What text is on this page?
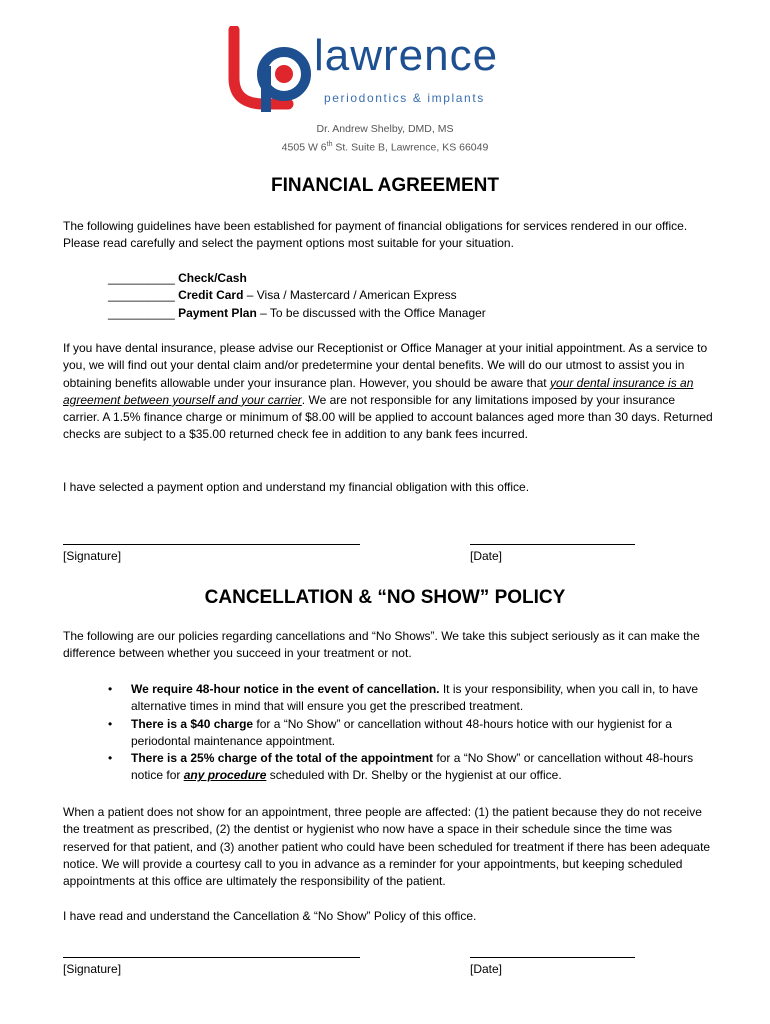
lawrence
periodontics & implants
Dr. Andrew Shelby, DMD, MS
4505 W 6th St. Suite B, Lawrence, KS 66049
FINANCIAL AGREEMENT
The following guidelines have been established for payment of financial obligations for services rendered in our office. Please read carefully and select the payment options most suitable for your situation.
__________ Check/Cash
__________ Credit Card – Visa / Mastercard / American Express
__________ Payment Plan – To be discussed with the Office Manager
If you have dental insurance, please advise our Receptionist or Office Manager at your initial appointment. As a service to you, we will find out your dental claim and/or predetermine your dental benefits. We will do our utmost to assist you in obtaining benefits allowable under your insurance plan. However, you should be aware that your dental insurance is an agreement between yourself and your carrier. We are not responsible for any limitations imposed by your insurance carrier. A 1.5% finance charge or minimum of $8.00 will be applied to account balances aged more than 30 days. Returned checks are subject to a $35.00 returned check fee in addition to any bank fees incurred.
I have selected a payment option and understand my financial obligation with this office.
[Signature]	[Date]
CANCELLATION & “NO SHOW” POLICY
The following are our policies regarding cancellations and “No Shows”. We take this subject seriously as it can make the difference between whether you succeed in your treatment or not.
• We require 48-hour notice in the event of cancellation. It is your responsibility, when you call in, to have alternative times in mind that will ensure you get the prescribed treatment.
• There is a $40 charge for a “No Show” or cancellation without 48-hours hotice with our hygienist for a periodontal maintenance appointment.
• There is a 25% charge of the total of the appointment for a “No Show” or cancellation without 48-hours notice for any procedure scheduled with Dr. Shelby or the hygienist at our office.
When a patient does not show for an appointment, three people are affected: (1) the patient because they do not receive the treatment as prescribed, (2) the dentist or hygienist who now have a space in their schedule since the time was reserved for that patient, and (3) another patient who could have been scheduled for treatment if there has been adequate notice. We will provide a courtesy call to you in advance as a reminder for your appointments, but keeping scheduled appointments at this office are ultimately the responsibility of the patient.
I have read and understand the Cancellation & “No Show” Policy of this office.
[Signature]	[Date]
